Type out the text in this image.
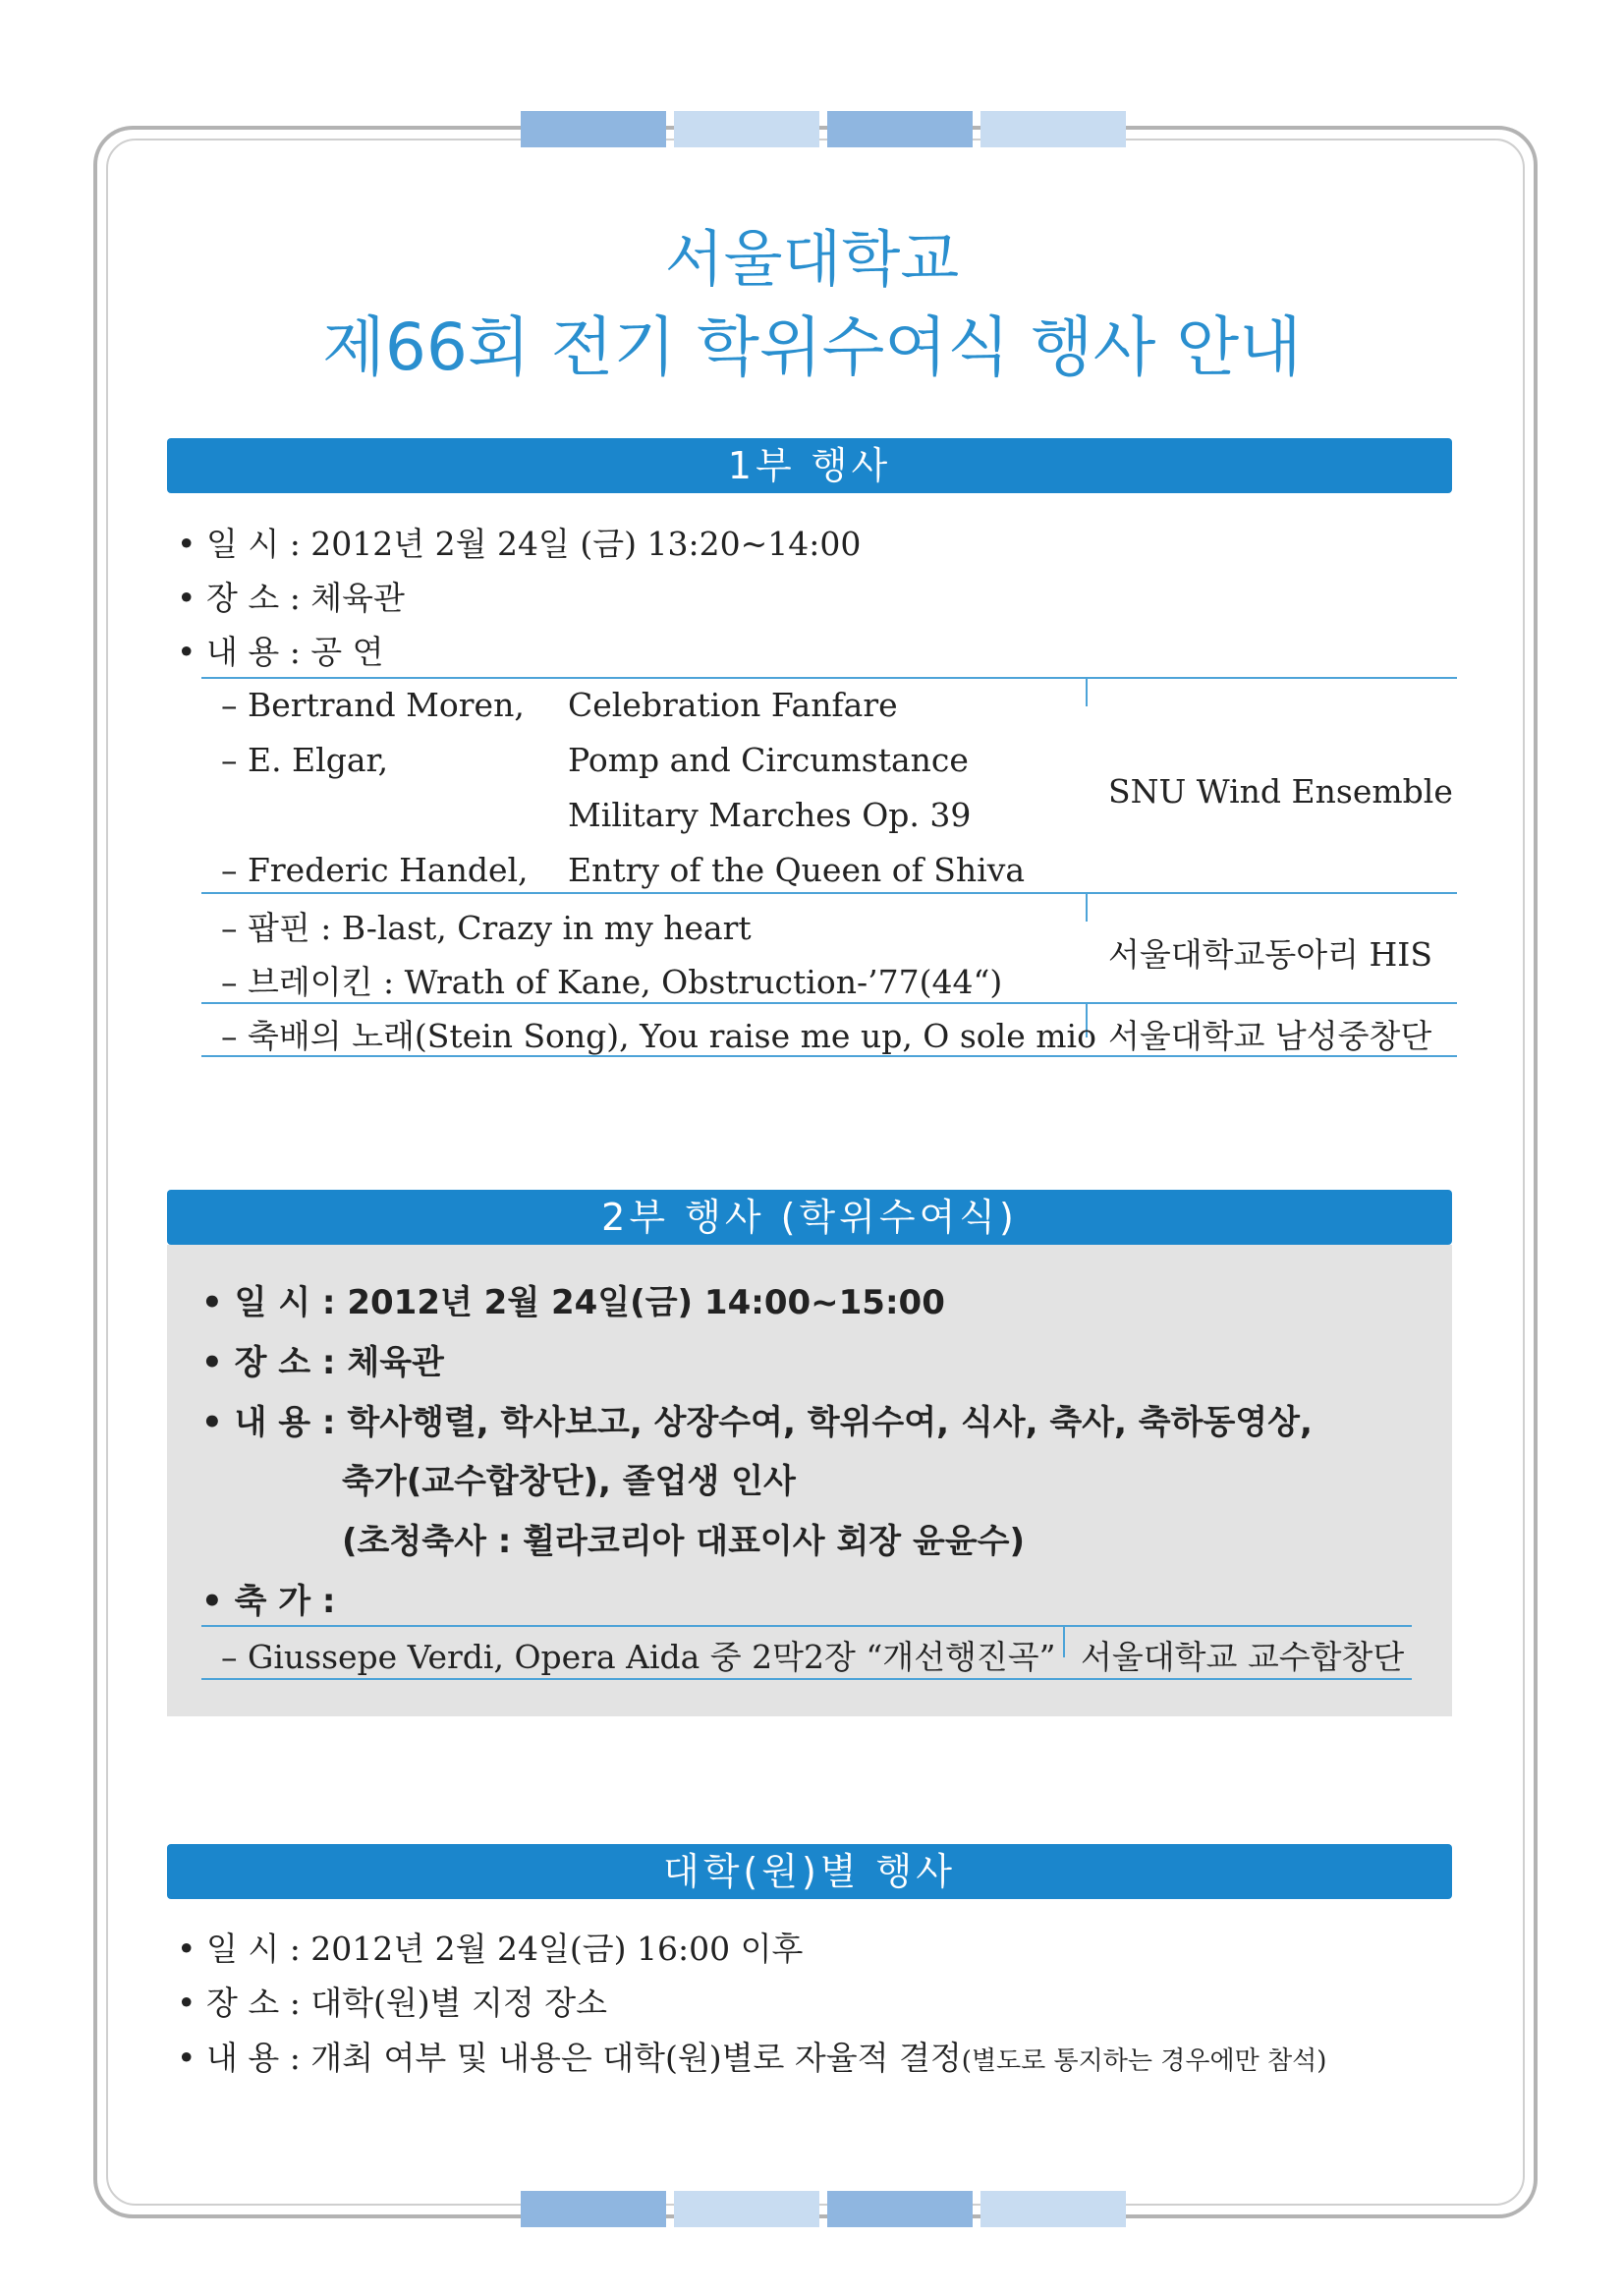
서울대학교
제66회 전기 학위수여식 행사 안내
1부 행사
• 일 시 : 2012년 2월 24일 (금) 13:20~14:00
• 장 소 : 체육관
• 내 용 : 공 연
– Bertrand Moren, Celebration Fanfare
– E. Elgar,	Pomp and Circumstance
Military Marches Op. 39
– Frederic Handel, Entry of the Queen of Shiva
SNU Wind Ensemble
– 팝핀 : B-last, Crazy in my heart
– 브레이킨 : Wrath of Kane, Obstruction-’77(44“)
서울대학교동아리 HIS
– 축배의 노래(Stein Song), You raise me up, O sole mio 서울대학교 남성중창단
2부 행사 (학위수여식)
• 일 시 : 2012년 2월 24일(금) 14:00~15:00
• 장 소 : 체육관
• 내 용 : 학사행렬, 학사보고, 상장수여, 학위수여, 식사, 축사, 축하동영상,
축가(교수합창단), 졸업생 인사
(초청축사 : 휠라코리아 대표이사 회장 윤윤수)
• 축 가 :
– Giussepe Verdi, Opera Aida 중 2막2장 “개선행진곡” 서울대학교 교수합창단
대학(원)별 행사
• 일 시 : 2012년 2월 24일(금) 16:00 이후
• 장 소 : 대학(원)별 지정 장소
• 내 용 : 개최 여부 및 내용은 대학(원)별로 자율적 결정(별도로 통지하는 경우에만 참석)
